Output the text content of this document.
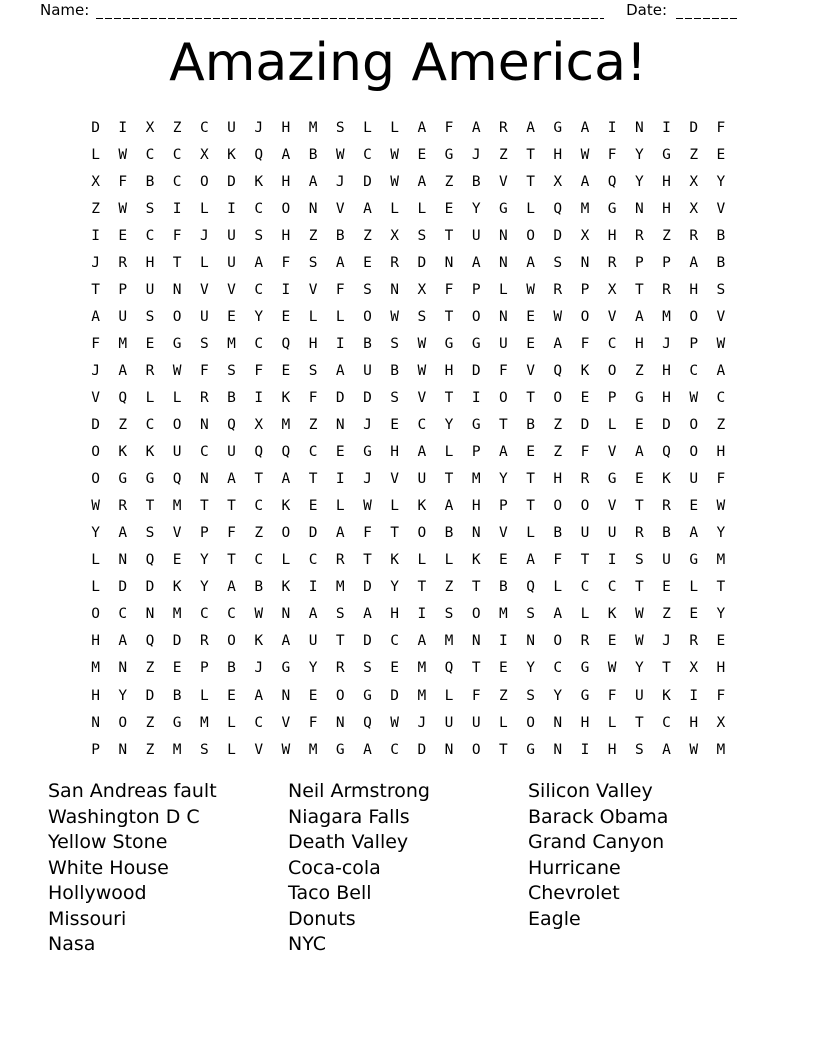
Name:	Date:
Amazing America!
D	I	X	Z	C	U	J	H	M	S	L	L	A	F	A	R	A	G	A	I	N	I	D	F
L	W	C	C	X	K	Q	A	B	W	C	W	E	G	J	Z	T	H	W	F	Y	G	Z	E
X	F	B	C	O	D	K	H	A	J	D	W	A	Z	B	V	T	X	A	Q	Y	H	X	Y
Z	W	S	I	L	I	C	O	N	V	A	L	L	E	Y	G	L	Q	M	G	N	H	X	V
I	E	C	F	J	U	S	H	Z	B	Z	X	S	T	U	N	O	D	X	H	R	Z	R	B
J	R	H	T	L	U	A	F	S	A	E	R	D	N	A	N	A	S	N	R	P	P	A	B
T	P	U	N	V	V	C	I	V	F	S	N	X	F	P	L	W	R	P	X	T	R	H	S
A	U	S	O	U	E	Y	E	L	L	O	W	S	T	O	N	E	W	O	V	A	M	O	V
F	M	E	G	S	M	C	Q	H	I	B	S	W	G	G	U	E	A	F	C	H	J	P	W
J	A	R	W	F	S	F	E	S	A	U	B	W	H	D	F	V	Q	K	O	Z	H	C	A
V	Q	L	L	R	B	I	K	F	D	D	S	V	T	I	O	T	O	E	P	G	H	W	C
D	Z	C	O	N	Q	X	M	Z	N	J	E	C	Y	G	T	B	Z	D	L	E	D	O	Z
O	K	K	U	C	U	Q	Q	C	E	G	H	A	L	P	A	E	Z	F	V	A	Q	O	H
O	G	G	Q	N	A	T	A	T	I	J	V	U	T	M	Y	T	H	R	G	E	K	U	F
W	R	T	M	T	T	C	K	E	L	W	L	K	A	H	P	T	O	O	V	T	R	E	W
Y	A	S	V	P	F	Z	O	D	A	F	T	O	B	N	V	L	B	U	U	R	B	A	Y
L	N	Q	E	Y	T	C	L	C	R	T	K	L	L	K	E	A	F	T	I	S	U	G	M
L	D	D	K	Y	A	B	K	I	M	D	Y	T	Z	T	B	Q	L	C	C	T	E	L	T
O	C	N	M	C	C	W	N	A	S	A	H	I	S	O	M	S	A	L	K	W	Z	E	Y
H	A	Q	D	R	O	K	A	U	T	D	C	A	M	N	I	N	O	R	E	W	J	R	E
M	N	Z	E	P	B	J	G	Y	R	S	E	M	Q	T	E	Y	C	G	W	Y	T	X	H
H	Y	D	B	L	E	A	N	E	O	G	D	M	L	F	Z	S	Y	G	F	U	K	I	F
N	O	Z	G	M	L	C	V	F	N	Q	W	J	U	U	L	O	N	H	L	T	C	H	X
P	N	Z	M	S	L	V	W	M	G	A	C	D	N	O	T	G	N	I	H	S	A	W	M
San Andreas fault
Washington D C
Yellow Stone
White House
Hollywood
Missouri
Nasa
Neil Armstrong
Niagara Falls
Death Valley
Coca-cola
Taco Bell
Donuts
NYC
Silicon Valley
Barack Obama
Grand Canyon
Hurricane
Chevrolet
Eagle
